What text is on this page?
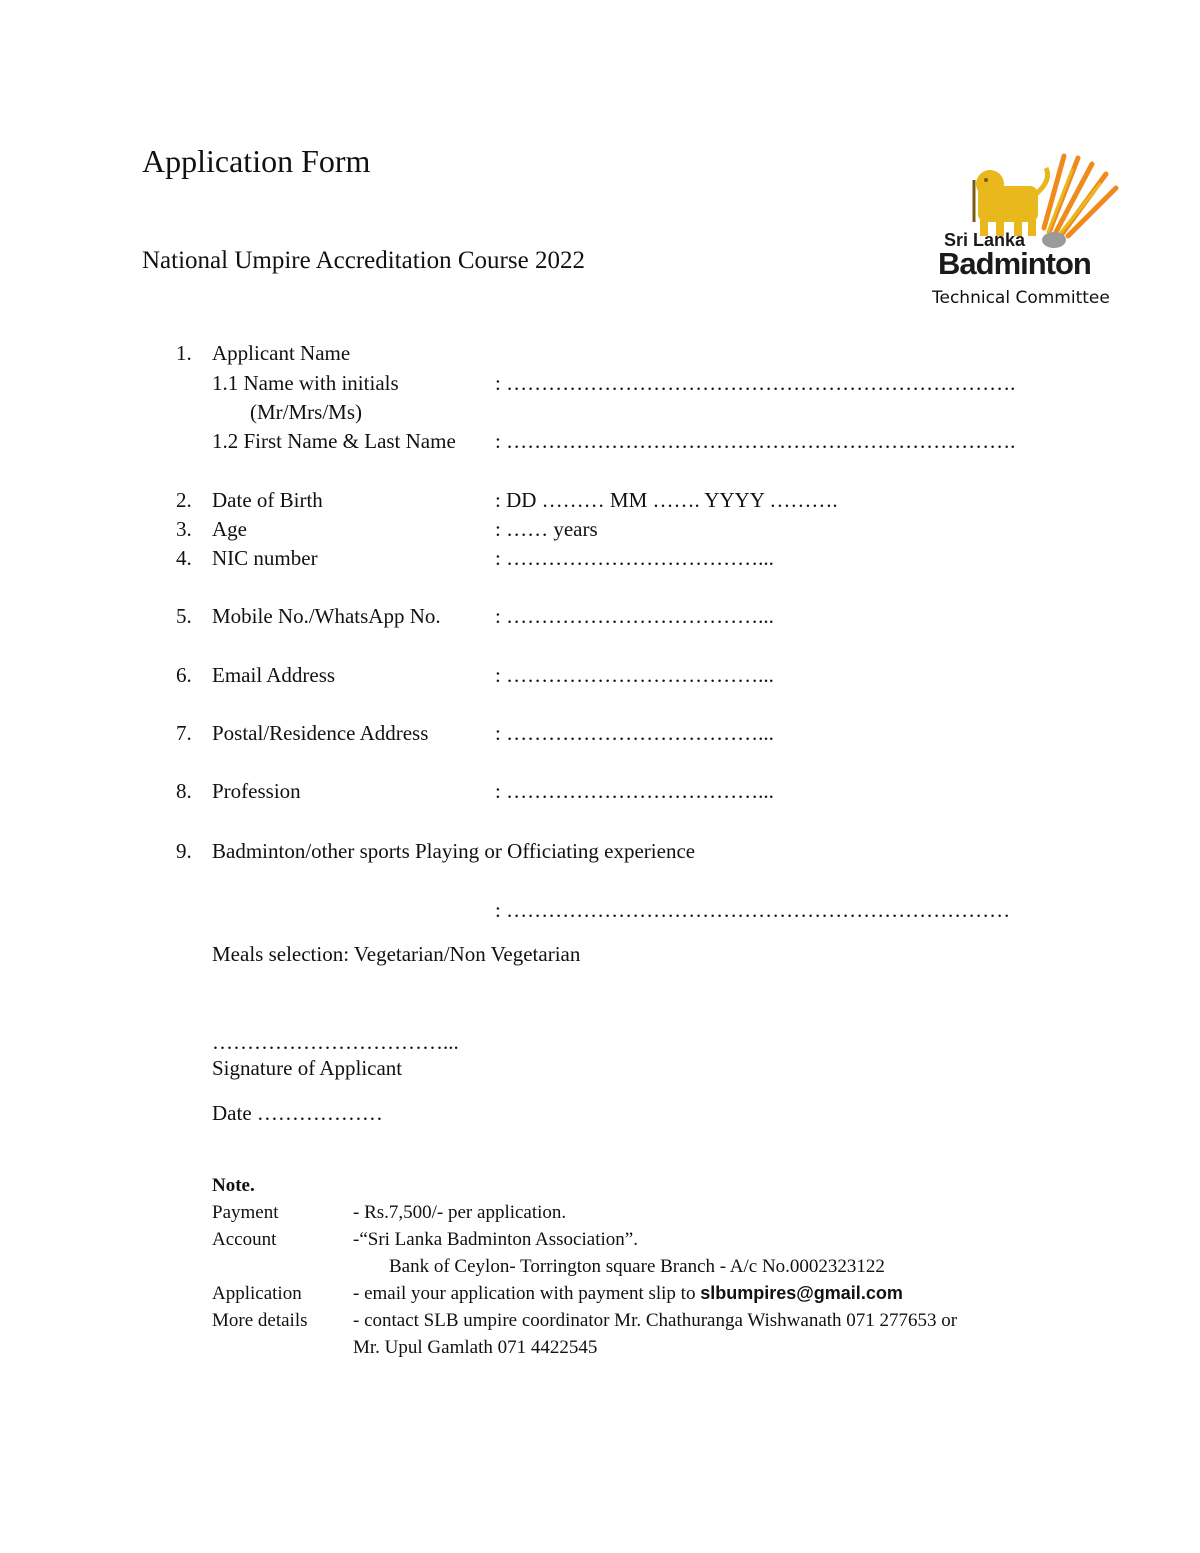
Application Form
National Umpire Accreditation Course 2022
Sri Lanka
Badminton
Technical Committee
1. Applicant Name
1.1 Name with initials	: ……………………………………………………………….
(Mr/Mrs/Ms)
1.2 First Name & Last Name : ……………………………………………………………….
2. Date of Birth	: DD ……… MM ……. YYYY ……….
3. Age	: …… years
4. NIC number	: ………………………………...
5. Mobile No./WhatsApp No.	: ………………………………...
6. Email Address	: ………………………………...
7. Postal/Residence Address	: ………………………………...
8. Profession	: ………………………………...
9. Badminton/other sports Playing or Officiating experience
: ………………………………………………………………
Meals selection: Vegetarian/Non Vegetarian
……………………………...
Signature of Applicant
Date ………………
Note.
Payment	- Rs.7,500/- per application.
Account	-“Sri Lanka Badminton Association”.
Bank of Ceylon- Torrington square Branch - A/c No.0002323122
Application	- email your application with payment slip to slbumpires@gmail.com
More details - contact SLB umpire coordinator Mr. Chathuranga Wishwanath 071 277653 or
Mr. Upul Gamlath 071 4422545
